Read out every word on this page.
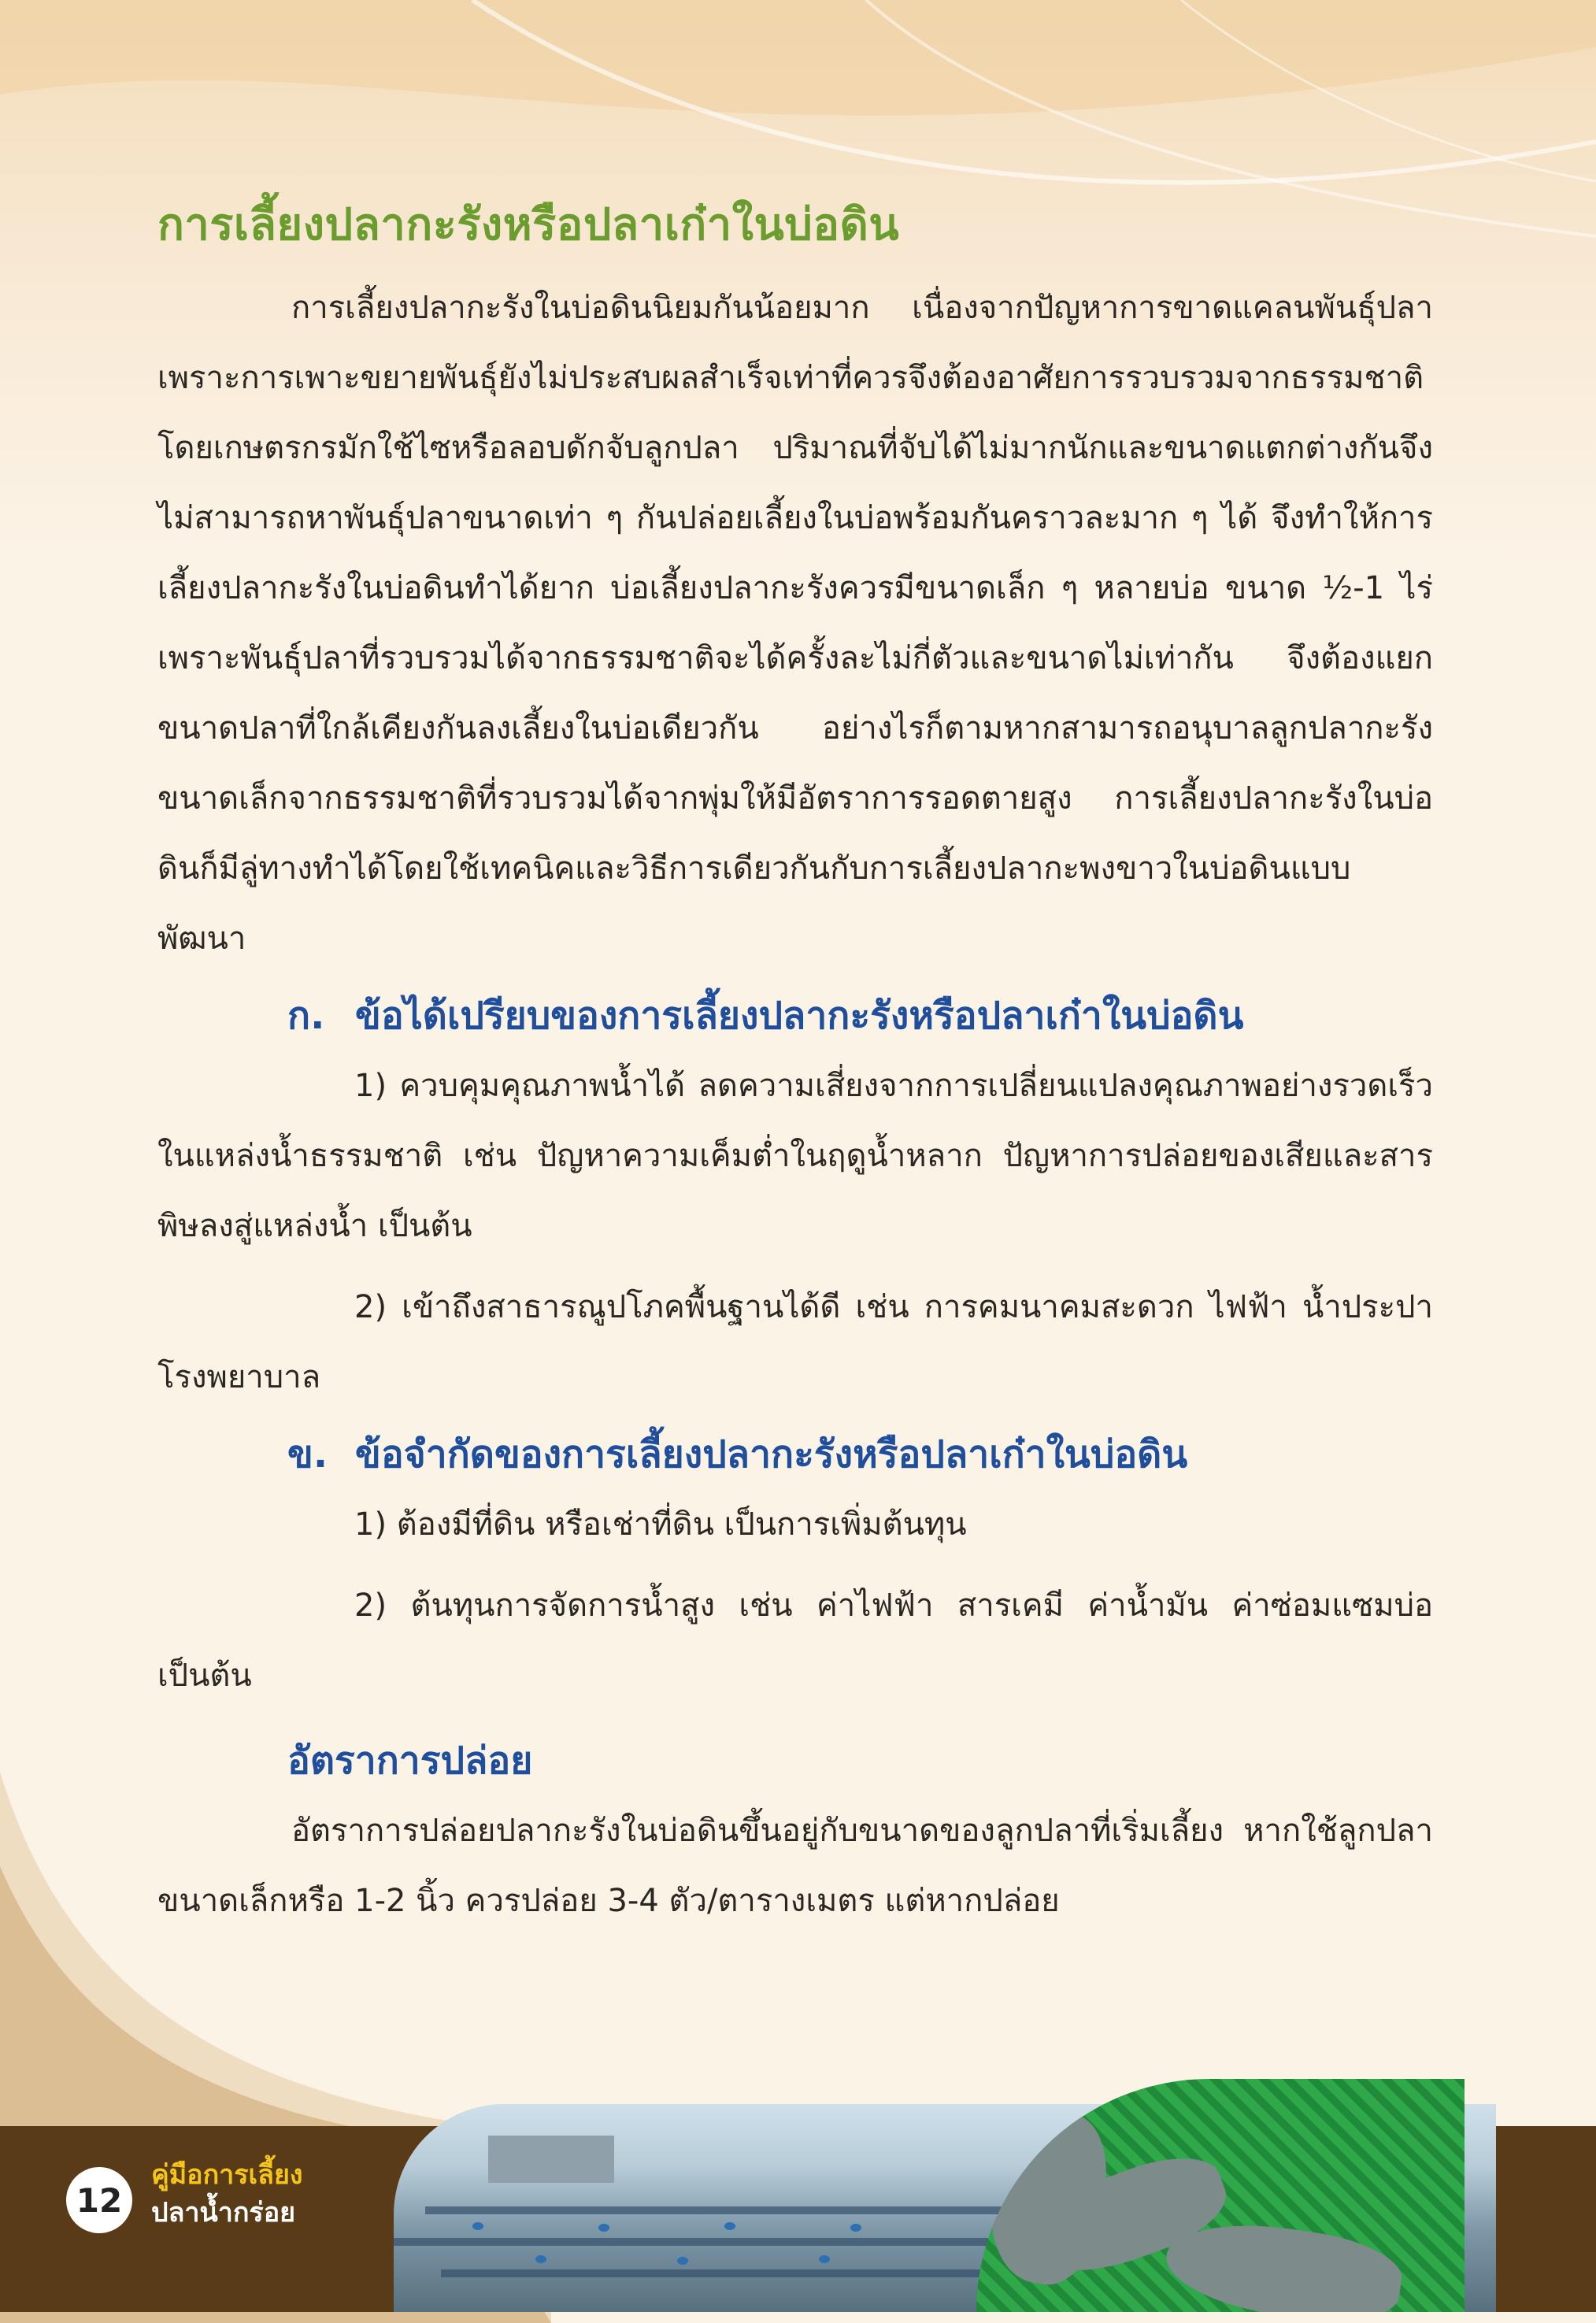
การเลี้ยงปลากะรังหรือปลาเก๋าในบ่อดิน

การเลี้ยงปลากะรังในบ่อดินนิยมกันน้อยมาก เนื่องจากปัญหาการขาดแคลนพันธุ์ปลา เพราะการเพาะขยายพันธุ์ยังไม่ประสบผลสำเร็จเท่าที่ควรจึงต้องอาศัยการรวบรวมจากธรรมชาติ โดยเกษตรกรมักใช้ไซหรือลอบดักจับลูกปลา ปริมาณที่จับได้ไม่มากนักและขนาดแตกต่างกันจึงไม่สามารถหาพันธุ์ปลาขนาดเท่า ๆ กันปล่อยเลี้ยงในบ่อพร้อมกันคราวละมาก ๆ ได้ จึงทำให้การเลี้ยงปลากะรังในบ่อดินทำได้ยาก บ่อเลี้ยงปลากะรังควรมีขนาดเล็ก ๆ หลายบ่อ ขนาด ½-1 ไร่ เพราะพันธุ์ปลาที่รวบรวมได้จากธรรมชาติจะได้ครั้งละไม่กี่ตัวและขนาดไม่เท่ากัน จึงต้องแยกขนาดปลาที่ใกล้เคียงกันลงเลี้ยงในบ่อเดียวกัน อย่างไรก็ตามหากสามารถอนุบาลลูกปลากะรังขนาดเล็กจากธรรมชาติที่รวบรวมได้จากพุ่มให้มีอัตราการรอดตายสูง การเลี้ยงปลากะรังในบ่อดินก็มีลู่ทางทำได้โดยใช้เทคนิคและวิธีการเดียวกันกับการเลี้ยงปลากะพงขาวในบ่อดินแบบพัฒนา

ก. ข้อได้เปรียบของการเลี้ยงปลากะรังหรือปลาเก๋าในบ่อดิน

1) ควบคุมคุณภาพน้ำได้ ลดความเสี่ยงจากการเปลี่ยนแปลงคุณภาพอย่างรวดเร็วในแหล่งน้ำธรรมชาติ เช่น ปัญหาความเค็มต่ำในฤดูน้ำหลาก ปัญหาการปล่อยของเสียและสารพิษลงสู่แหล่งน้ำ เป็นต้น

2) เข้าถึงสาธารณูปโภคพื้นฐานได้ดี เช่น การคมนาคมสะดวก ไฟฟ้า น้ำประปา โรงพยาบาล

ข. ข้อจำกัดของการเลี้ยงปลากะรังหรือปลาเก๋าในบ่อดิน

1) ต้องมีที่ดิน หรือเช่าที่ดิน เป็นการเพิ่มต้นทุน

2) ต้นทุนการจัดการน้ำสูง เช่น ค่าไฟฟ้า สารเคมี ค่าน้ำมัน ค่าซ่อมแซมบ่อ เป็นต้น

อัตราการปล่อย

อัตราการปล่อยปลากะรังในบ่อดินขึ้นอยู่กับขนาดของลูกปลาที่เริ่มเลี้ยง หากใช้ลูกปลาขนาดเล็กหรือ 1-2 นิ้ว ควรปล่อย 3-4 ตัว/ตารางเมตร แต่หากปล่อย

12
คู่มือการเลี้ยง
ปลาน้ำกร่อย
